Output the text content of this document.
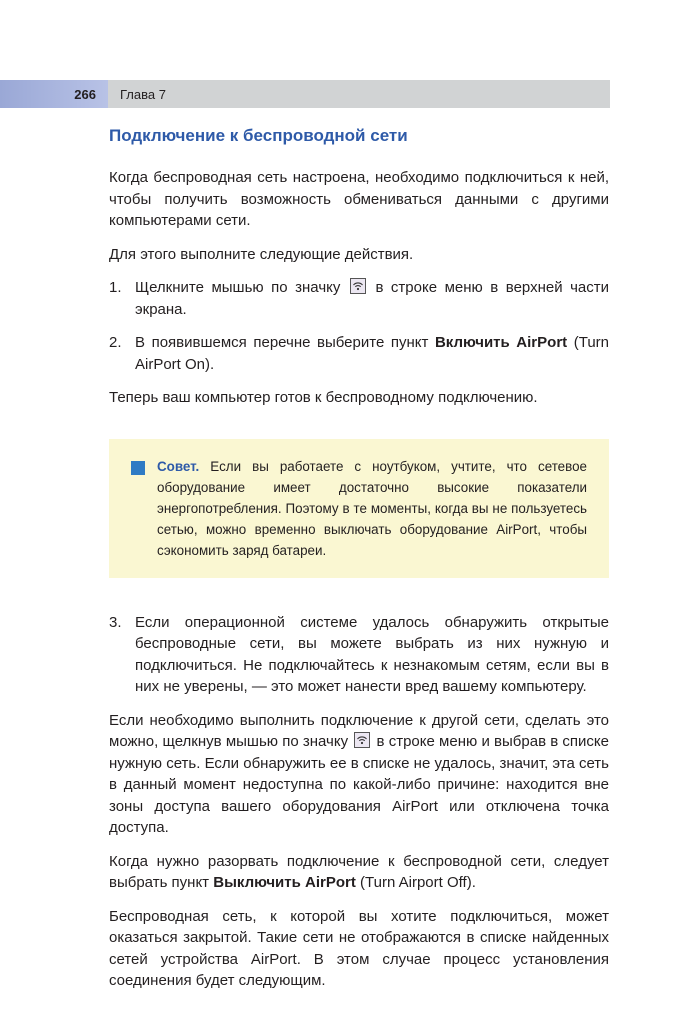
266 Глава 7
Подключение к беспроводной сети

Когда беспроводная сеть настроена, необходимо подключиться к ней, чтобы получить возможность обмениваться данными с другими компьютерами сети.

Для этого выполните следующие действия.

1. Щелкните мышью по значку в строке меню в верхней части экрана.
2. В появившемся перечне выберите пункт Включить AirPort (Turn AirPort On).

Теперь ваш компьютер готов к беспроводному подключению.

Совет. Если вы работаете с ноутбуком, учтите, что сетевое оборудование имеет достаточно высокие показатели энергопотребления. Поэтому в те моменты, когда вы не пользуетесь сетью, можно временно выключать оборудование AirPort, чтобы сэкономить заряд батареи.

3. Если операционной системе удалось обнаружить открытые беспроводные сети, вы можете выбрать из них нужную и подключиться. Не подключайтесь к незнакомым сетям, если вы в них не уверены, — это может нанести вред вашему компьютеру.

Если необходимо выполнить подключение к другой сети, сделать это можно, щелкнув мышью по значку в строке меню и выбрав в списке нужную сеть. Если обнаружить ее в списке не удалось, значит, эта сеть в данный момент недоступна по какой-либо причине: находится вне зоны доступа вашего оборудования AirPort или отключена точка доступа.

Когда нужно разорвать подключение к беспроводной сети, следует выбрать пункт Выключить AirPort (Turn Airport Off).

Беспроводная сеть, к которой вы хотите подключиться, может оказаться закрытой. Такие сети не отображаются в списке найденных сетей устройства AirPort. В этом случае процесс установления соединения будет следующим.
